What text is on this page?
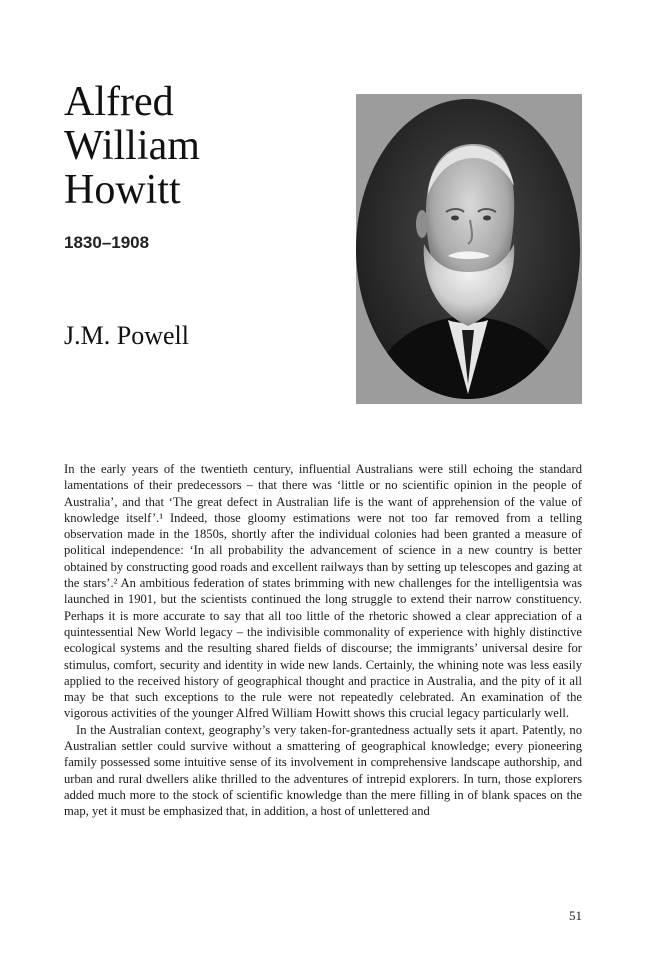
Alfred
William
Howitt

1830–1908

J.M. Powell

In the early years of the twentieth century, influential Australians were still echoing the standard lamentations of their predecessors – that there was ‘little or no scientific opinion in the people of Australia’, and that ‘The great defect in Australian life is the want of apprehension of the value of knowledge itself’.¹ Indeed, those gloomy estimations were not too far removed from a telling observation made in the 1850s, shortly after the individual colonies had been granted a measure of political independence: ‘In all probability the advancement of science in a new country is better obtained by constructing good roads and excellent railways than by setting up telescopes and gazing at the stars’.² An ambitious federation of states brimming with new challenges for the intelligentsia was launched in 1901, but the scientists continued the long struggle to extend their narrow constituency. Perhaps it is more accurate to say that all too little of the rhetoric showed a clear appreciation of a quintessential New World legacy – the indivisible commonality of experience with highly distinctive ecological systems and the resulting shared fields of discourse; the immigrants’ universal desire for stimulus, comfort, security and identity in wide new lands. Certainly, the whining note was less easily applied to the received history of geographical thought and practice in Australia, and the pity of it all may be that such exceptions to the rule were not repeatedly celebrated. An examination of the vigorous activities of the younger Alfred William Howitt shows this crucial legacy particularly well.

In the Australian context, geography’s very taken-for-grantedness actually sets it apart. Patently, no Australian settler could survive without a smattering of geographical knowledge; every pioneering family possessed some intuitive sense of its involvement in comprehensive landscape authorship, and urban and rural dwellers alike thrilled to the adventures of intrepid explorers. In turn, those explorers added much more to the stock of scientific knowledge than the mere filling in of blank spaces on the map, yet it must be emphasized that, in addition, a host of unlettered and

51
